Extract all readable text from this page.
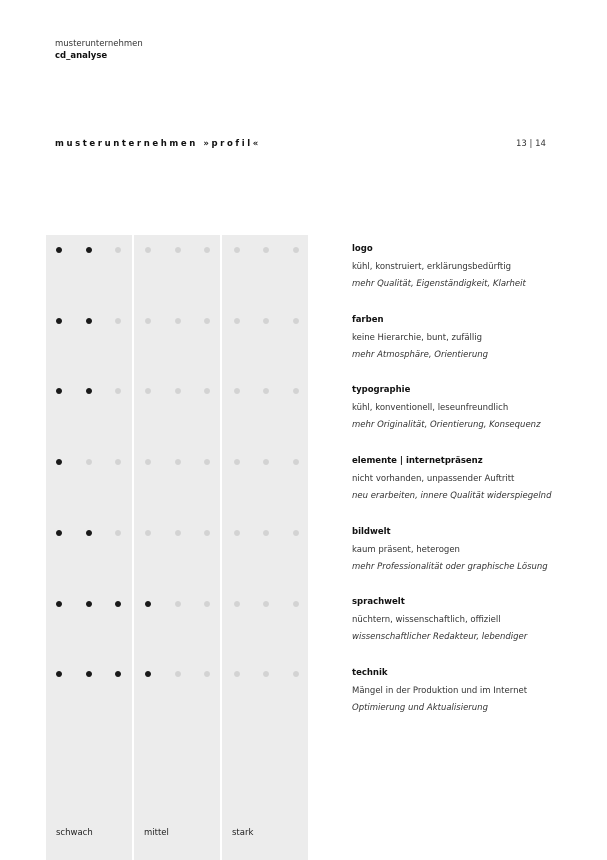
musterunternehmen
cd_analyse
musterunternehmen »profil«	13 | 14
schwach	mittel	stark
logo
kühl, konstruiert, erklärungsbedürftig
mehr Qualität, Eigenständigkeit, Klarheit
farben
keine Hierarchie, bunt, zufällig
mehr Atmosphäre, Orientierung
typographie
kühl, konventionell, leseunfreundlich
mehr Originalität, Orientierung, Konsequenz
elemente | internetpräsenz
nicht vorhanden, unpassender Auftritt
neu erarbeiten, innere Qualität widerspiegelnd
bildwelt
kaum präsent, heterogen
mehr Professionalität oder graphische Lösung
sprachwelt
nüchtern, wissenschaftlich, offiziell
wissenschaftlicher Redakteur, lebendiger
technik
Mängel in der Produktion und im Internet
Optimierung und Aktualisierung
